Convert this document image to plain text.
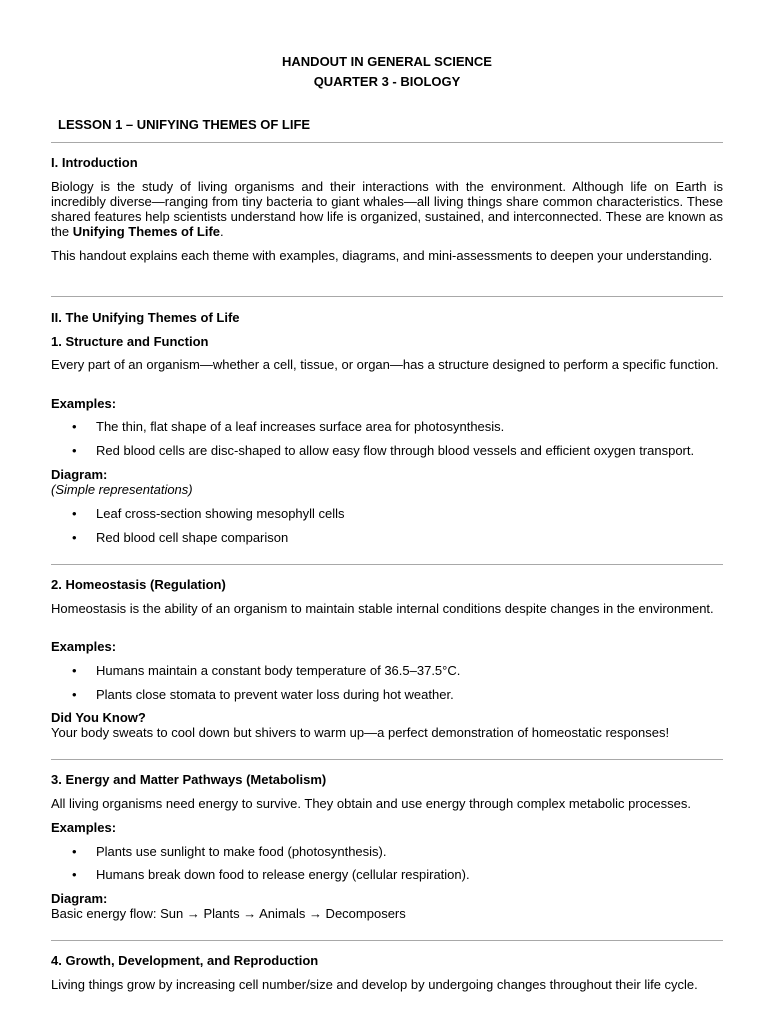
HANDOUT IN GENERAL SCIENCE
QUARTER 3 - BIOLOGY
LESSON 1 – UNIFYING THEMES OF LIFE
I. Introduction
Biology is the study of living organisms and their interactions with the environment. Although life on Earth is incredibly diverse—ranging from tiny bacteria to giant whales—all living things share common characteristics. These shared features help scientists understand how life is organized, sustained, and interconnected. These are known as the Unifying Themes of Life.
This handout explains each theme with examples, diagrams, and mini-assessments to deepen your understanding.
II. The Unifying Themes of Life
1. Structure and Function
Every part of an organism—whether a cell, tissue, or organ—has a structure designed to perform a specific function.
Examples:
• The thin, flat shape of a leaf increases surface area for photosynthesis.
• Red blood cells are disc-shaped to allow easy flow through blood vessels and efficient oxygen transport.
Diagram:
(Simple representations)
• Leaf cross-section showing mesophyll cells
• Red blood cell shape comparison
2. Homeostasis (Regulation)
Homeostasis is the ability of an organism to maintain stable internal conditions despite changes in the environment.
Examples:
• Humans maintain a constant body temperature of 36.5–37.5°C.
• Plants close stomata to prevent water loss during hot weather.
Did You Know?
Your body sweats to cool down but shivers to warm up—a perfect demonstration of homeostatic responses!
3. Energy and Matter Pathways (Metabolism)
All living organisms need energy to survive. They obtain and use energy through complex metabolic processes.
Examples:
• Plants use sunlight to make food (photosynthesis).
• Humans break down food to release energy (cellular respiration).
Diagram:
Basic energy flow: Sun → Plants → Animals → Decomposers
4. Growth, Development, and Reproduction
Living things grow by increasing cell number/size and develop by undergoing changes throughout their life cycle.
